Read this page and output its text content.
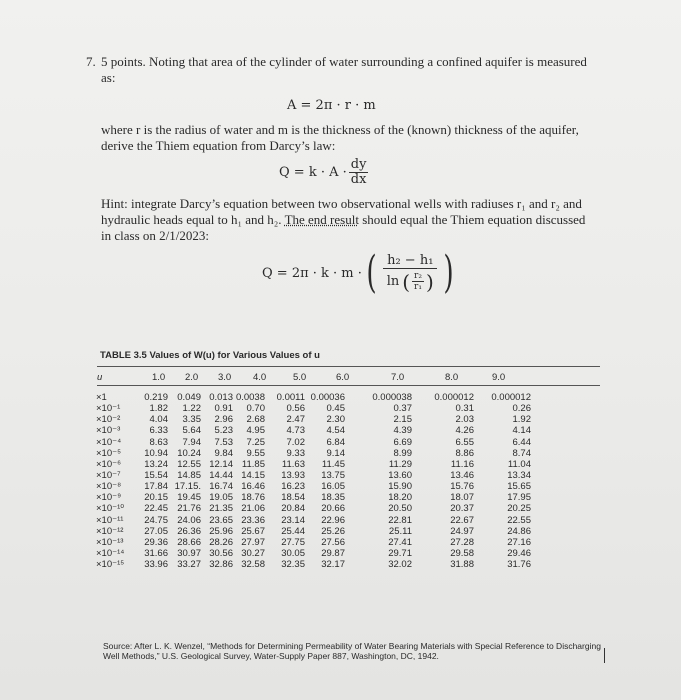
7. 5 points. Noting that area of the cylinder of water surrounding a confined aquifer is measured
as:
A = 2π · r · m
where r is the radius of water and m is the thickness of the (known) thickness of the aquifer,
derive the Thiem equation from Darcy’s law:
$Q = k \cdot A \cdot \frac{dy}{dx}$
Hint: integrate Darcy’s equation between two observational wells with radiuses r₁ and r₂ and
hydraulic heads equal to h₁ and h₂. The end result should equal the Thiem equation discussed
in class on 2/1/2023:
Q = 2π · k · m · ( h₂ − h₁
ln ( $\frac{\text{r₂}}{\text{r₁}}$ ) )
TABLE 3.5 Values of W(u) for Various Values of u
u	1.0 2.0 3.0 4.0	5.0	6.0	7.0	8.0	9.0
×1	0.219 0.049 0.013 0.0038 0.0011 0.00036	0.000038 0.000012 0.000012
×10⁻¹	1.82 1.22 0.91 0.70 0.56 0.45	0.37	0.31	0.26
×10⁻²	4.04 3.35 2.96 2.68 2.47 2.30	2.15	2.03	1.92
×10⁻³	6.33 5.64 5.23 4.95 4.73 4.54	4.39	4.26	4.14
×10⁻⁴	8.63 7.94 7.53 7.25 7.02 6.84	6.69	6.55	6.44
×10⁻⁵ 10.94 10.24 9.84 9.55 9.33 9.14	8.99	8.86	8.74
×10⁻⁶ 13.24 12.55 12.14 11.85 11.63 11.45	11.29	11.16	11.04
×10⁻⁷ 15.54 14.85 14.44 14.15 13.93 13.75	13.60	13.46	13.34
×10⁻⁸ 17.84 17.15. 16.74 16.46 16.23 16.05	15.90	15.76	15.65
×10⁻⁹ 20.15 19.45 19.05 18.76 18.54 18.35	18.20	18.07	17.95
×10⁻¹⁰ 22.45 21.76 21.35 21.06 20.84 20.66	20.50	20.37	20.25
×10⁻¹¹ 24.75 24.06 23.65 23.36 23.14 22.96	22.81	22.67	22.55
×10⁻¹² 27.05 26.36 25.96 25.67 25.44 25.26	25.11	24.97	24.86
×10⁻¹³ 29.36 28.66 28.26 27.97 27.75 27.56	27.41	27.28	27.16
×10⁻¹⁴ 31.66 30.97 30.56 30.27 30.05 29.87	29.71	29.58	29.46
×10⁻¹⁵ 33.96 33.27 32.86 32.58 32.35 32.17	32.02	31.88	31.76
Source: After L. K. Wenzel, “Methods for Determining Permeability of Water Bearing Materials with Special Reference to Discharging Well Methods,” U.S. Geological Survey, Water-Supply Paper 887, Washington, DC, 1942.
